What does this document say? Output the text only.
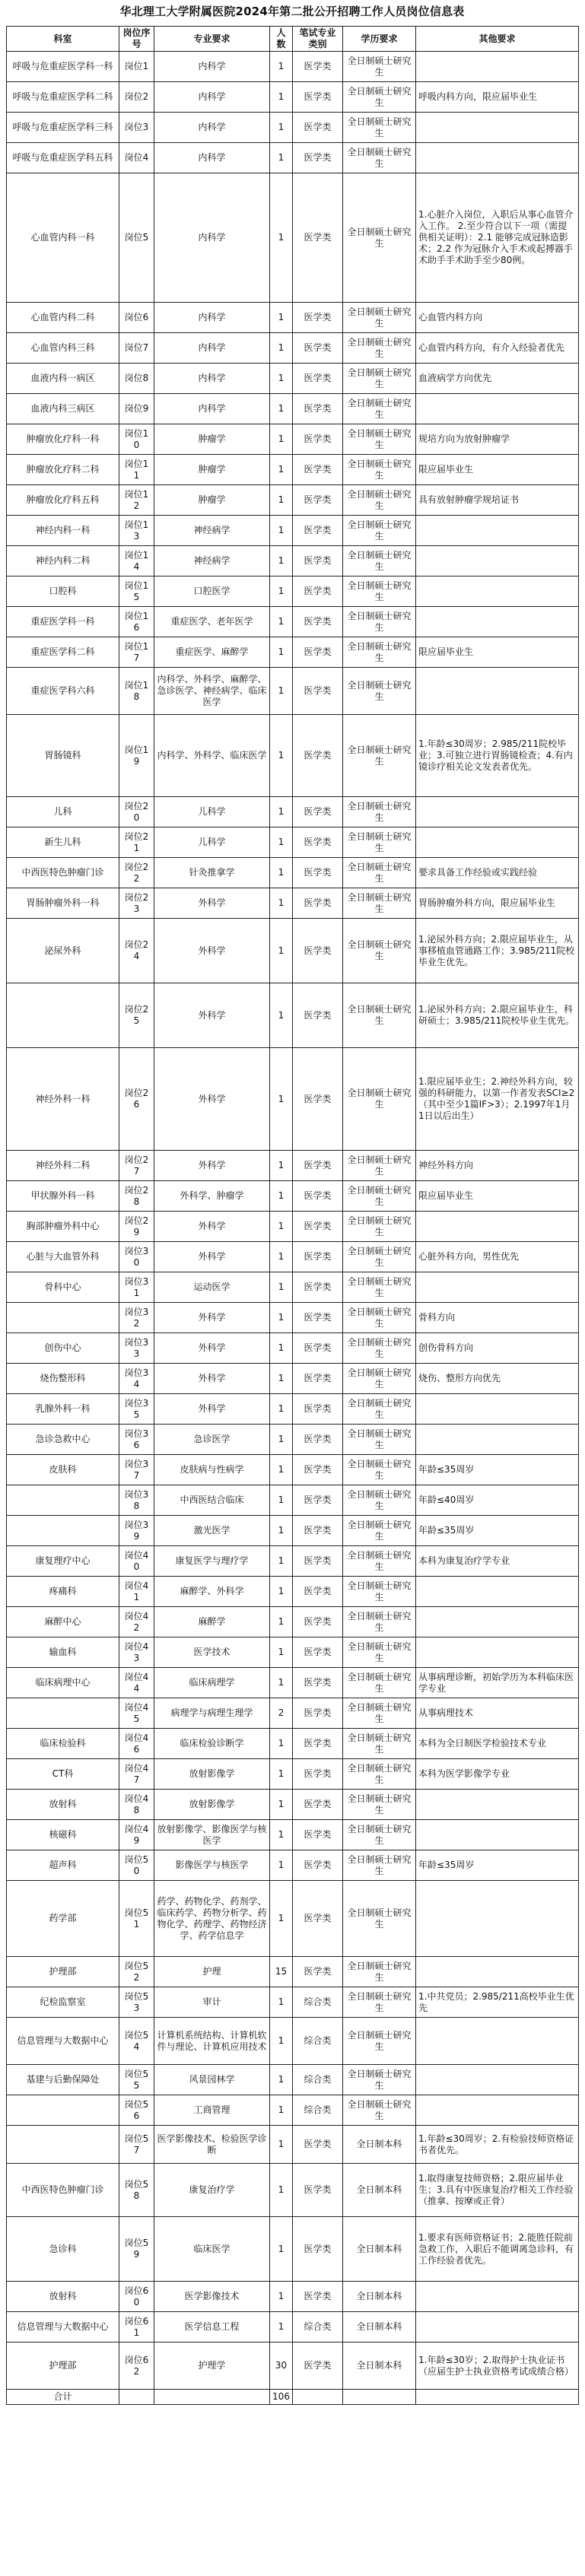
华北理工大学附属医院2024年第二批公开招聘工作人员岗位信息表
科室	岗位序号	专业要求	人数	笔试专业类别	学历要求	其他要求
呼吸与危重症医学科一科	岗位1	内科学	1	医学类	全日制硕士研究生	
呼吸与危重症医学科二科	岗位2	内科学	1	医学类	全日制硕士研究生	呼吸内科方向，限应届毕业生
呼吸与危重症医学科三科	岗位3	内科学	1	医学类	全日制硕士研究生	
呼吸与危重症医学科五科	岗位4	内科学	1	医学类	全日制硕士研究生	
心血管内科一科	岗位5	内科学	1	医学类	全日制硕士研究生	1.心脏介入岗位，入职后从事心血管介入工作。 2.至少符合以下一项（需提供相关证明）：2.1 能够完成冠脉造影术；2.2 作为冠脉介入手术或起搏器手术助手手术助手至少80例。
心血管内科二科	岗位6	内科学	1	医学类	全日制硕士研究生	心血管内科方向
心血管内科三科	岗位7	内科学	1	医学类	全日制硕士研究生	心血管内科方向，有介入经验者优先
血液内科一病区	岗位8	内科学	1	医学类	全日制硕士研究生	血液病学方向优先
血液内科三病区	岗位9	内科学	1	医学类	全日制硕士研究生	
肿瘤放化疗科一科	岗位10	肿瘤学	1	医学类	全日制硕士研究生	规培方向为放射肿瘤学
肿瘤放化疗科二科	岗位11	肿瘤学	1	医学类	全日制硕士研究生	限应届毕业生
肿瘤放化疗科五科	岗位12	肿瘤学	1	医学类	全日制硕士研究生	具有放射肿瘤学规培证书
神经内科一科	岗位13	神经病学	1	医学类	全日制硕士研究生	
神经内科二科	岗位14	神经病学	1	医学类	全日制硕士研究生	
口腔科	岗位15	口腔医学	1	医学类	全日制硕士研究生	
重症医学科一科	岗位16	重症医学、老年医学	1	医学类	全日制硕士研究生	
重症医学科二科	岗位17	重症医学、麻醉学	1	医学类	全日制硕士研究生	限应届毕业生
重症医学科六科	岗位18	内科学、外科学、麻醉学、急诊医学、神经病学、临床医学	1	医学类	全日制硕士研究生	
胃肠镜科	岗位19	内科学、外科学、临床医学	1	医学类	全日制硕士研究生	1.年龄≤30周岁；2.985/211院校毕业；3.可独立进行胃肠镜检查；4.有内镜诊疗相关论文发表者优先。
儿科	岗位20	儿科学	1	医学类	全日制硕士研究生	
新生儿科	岗位21	儿科学	1	医学类	全日制硕士研究生	
中西医特色肿瘤门诊	岗位22	针灸推拿学	1	医学类	全日制硕士研究生	要求具备工作经验或实践经验
胃肠肿瘤外科一科	岗位23	外科学	1	医学类	全日制硕士研究生	胃肠肿瘤外科方向，限应届毕业生
泌尿外科	岗位24	外科学	1	医学类	全日制硕士研究生	1.泌尿外科方向；2.限应届毕业生，从事移植血管通路工作；3.985/211院校毕业生优先。
	岗位25	外科学	1	医学类	全日制硕士研究生	1.泌尿外科方向；2.限应届毕业生，科研硕士；3.985/211院校毕业生优先。
神经外科一科	岗位26	外科学	1	医学类	全日制硕士研究生	1.限应届毕业生；2.神经外科方向，较强的科研能力，以第一作者发表SCI≥2（其中至少1篇IF>3）；2.1997年1月1日以后出生）
神经外科二科	岗位27	外科学	1	医学类	全日制硕士研究生	神经外科方向
甲状腺外科一科	岗位28	外科学、肿瘤学	1	医学类	全日制硕士研究生	限应届毕业生
胸部肿瘤外科中心	岗位29	外科学	1	医学类	全日制硕士研究生	
心脏与大血管外科	岗位30	外科学	1	医学类	全日制硕士研究生	心脏外科方向，男性优先
骨科中心	岗位31	运动医学	1	医学类	全日制硕士研究生	
	岗位32	外科学	1	医学类	全日制硕士研究生	骨科方向
创伤中心	岗位33	外科学	1	医学类	全日制硕士研究生	创伤骨科方向
烧伤整形科	岗位34	外科学	1	医学类	全日制硕士研究生	烧伤、整形方向优先
乳腺外科一科	岗位35	外科学	1	医学类	全日制硕士研究生	
急诊急救中心	岗位36	急诊医学	1	医学类	全日制硕士研究生	
皮肤科	岗位37	皮肤病与性病学	1	医学类	全日制硕士研究生	年龄≤35周岁
	岗位38	中西医结合临床	1	医学类	全日制硕士研究生	年龄≤40周岁
	岗位39	激光医学	1	医学类	全日制硕士研究生	年龄≤35周岁
康复理疗中心	岗位40	康复医学与理疗学	1	医学类	全日制硕士研究生	本科为康复治疗学专业
疼痛科	岗位41	麻醉学、外科学	1	医学类	全日制硕士研究生	
麻醉中心	岗位42	麻醉学	1	医学类	全日制硕士研究生	
输血科	岗位43	医学技术	1	医学类	全日制硕士研究生	
临床病理中心	岗位44	临床病理学	1	医学类	全日制硕士研究生	从事病理诊断，初始学历为本科临床医学专业
	岗位45	病理学与病理生理学	2	医学类	全日制硕士研究生	从事病理技术
临床检验科	岗位46	临床检验诊断学	1	医学类	全日制硕士研究生	本科为全日制医学检验技术专业
CT科	岗位47	放射影像学	1	医学类	全日制硕士研究生	本科为医学影像学专业
放射科	岗位48	放射影像学	1	医学类	全日制硕士研究生	
核磁科	岗位49	放射影像学、影像医学与核医学	1	医学类	全日制硕士研究生	
超声科	岗位50	影像医学与核医学	1	医学类	全日制硕士研究生	年龄≤35周岁
药学部	岗位51	药学、药物化学、药剂学、临床药学、药物分析学、药物化学、药理学、药物经济学、药学信息学	1	医学类	全日制硕士研究生	
护理部	岗位52	护理	15	医学类	全日制硕士研究生	
纪检监察室	岗位53	审计	1	综合类	全日制硕士研究生	1.中共党员；2.985/211高校毕业生优先
信息管理与大数据中心	岗位54	计算机系统结构、计算机软件与理论、计算机应用技术	1	综合类	全日制硕士研究生	
基建与后勤保障处	岗位55	风景园林学	1	综合类	全日制硕士研究生	
	岗位56	工商管理	1	综合类	全日制硕士研究生	
	岗位57	医学影像技术、检验医学诊断	1	医学类	全日制本科	1.年龄≤30周岁；2.有检验技师资格证书者优先。
中西医特色肿瘤门诊	岗位58	康复治疗学	1	医学类	全日制本科	1.取得康复技师资格；2.限应届毕业生；3.具有中医康复治疗相关工作经验（推拿、按摩或正骨）
急诊科	岗位59	临床医学	1	医学类	全日制本科	1.要求有医师资格证书；2.能胜任院前急救工作，入职后不能调离急诊科，有工作经验者优先。
放射科	岗位60	医学影像技术	1	医学类	全日制本科	
信息管理与大数据中心	岗位61	医学信息工程	1	综合类	全日制本科	
护理部	岗位62	护理学	30	医学类	全日制本科	1.年龄≤30岁；2.取得护士执业证书（应届生护士执业资格考试成绩合格）
合计			106			
